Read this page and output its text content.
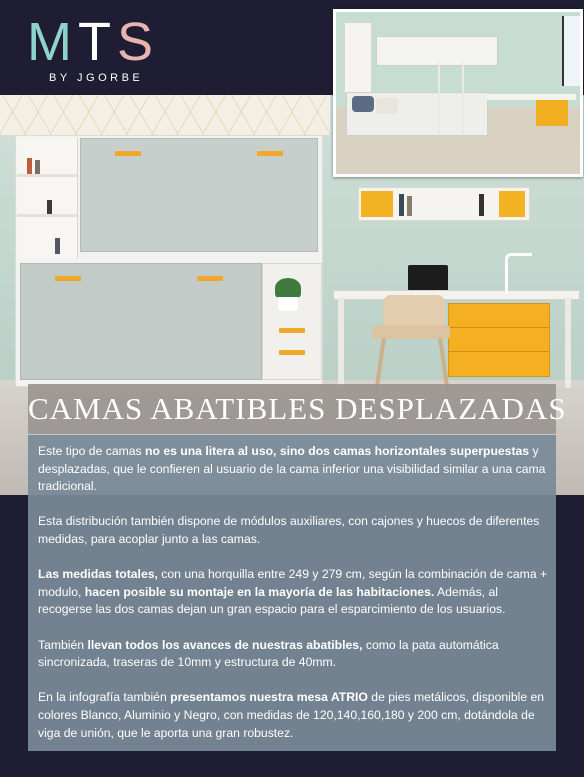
MTS
BY JGORBE
CAMAS ABATIBLES DESPLAZADAS

Este tipo de camas no es una litera al uso, sino dos camas horizontales superpuestas y desplazadas, que le confieren al usuario de la cama inferior una visibilidad similar a una cama tradicional.

Esta distribución también dispone de módulos auxiliares, con cajones y huecos de diferentes medidas, para acoplar junto a las camas.

Las medidas totales, con una horquilla entre 249 y 279 cm, según la combinación de cama + modulo, hacen posible su montaje en la mayoría de las habitaciones. Además, al recogerse las dos camas dejan un gran espacio para el esparcimiento de los usuarios.

También llevan todos los avances de nuestras abatibles, como la pata automática sincronizada, traseras de 10mm y estructura de 40mm.

En la infografía también presentamos nuestra mesa ATRIO de pies metálicos, disponible en colores Blanco, Aluminio y Negro, con medidas de 120,140,160,180 y 200 cm, dotándola de viga de unión, que le aporta una gran robustez.
